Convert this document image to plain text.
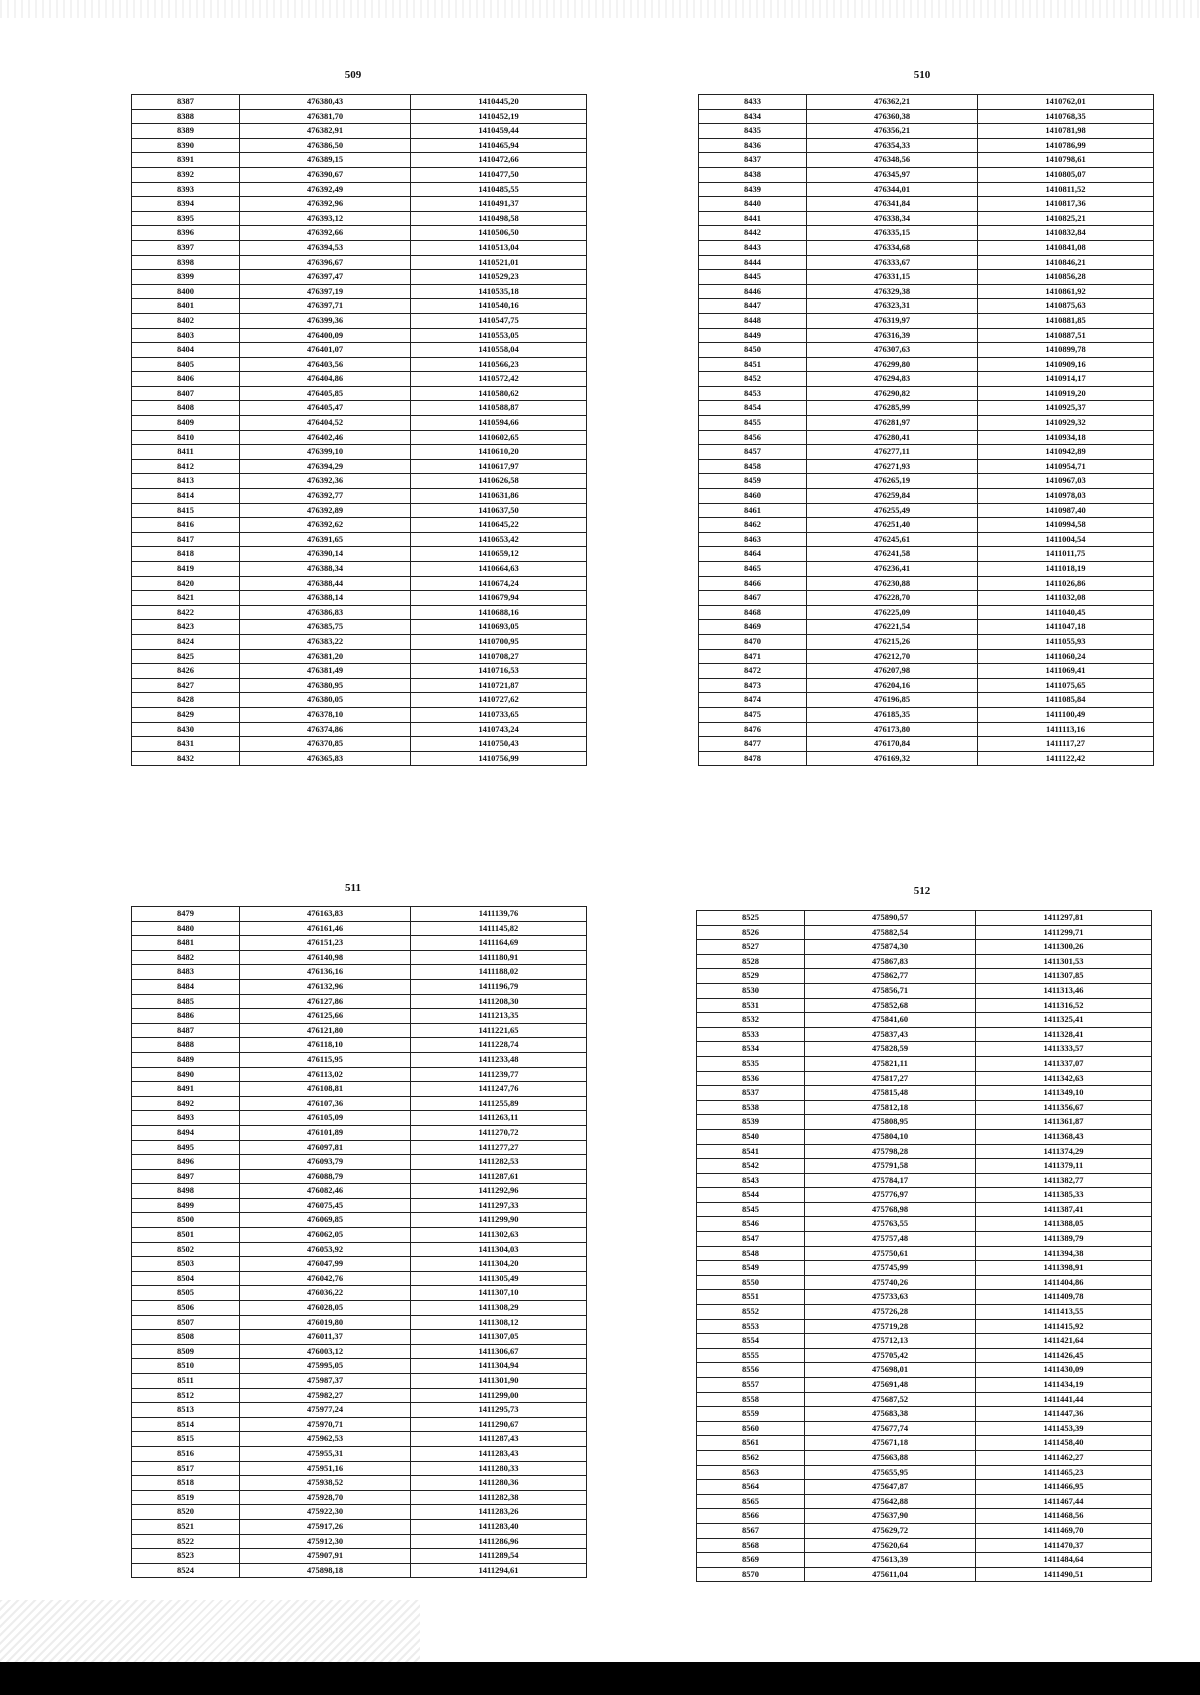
509
8387	476380,43	1410445,20
8388	476381,70	1410452,19
8389	476382,91	1410459,44
8390	476386,50	1410465,94
8391	476389,15	1410472,66
8392	476390,67	1410477,50
8393	476392,49	1410485,55
8394	476392,96	1410491,37
8395	476393,12	1410498,58
8396	476392,66	1410506,50
8397	476394,53	1410513,04
8398	476396,67	1410521,01
8399	476397,47	1410529,23
8400	476397,19	1410535,18
8401	476397,71	1410540,16
8402	476399,36	1410547,75
8403	476400,09	1410553,05
8404	476401,07	1410558,04
8405	476403,56	1410566,23
8406	476404,86	1410572,42
8407	476405,85	1410580,62
8408	476405,47	1410588,87
8409	476404,52	1410594,66
8410	476402,46	1410602,65
8411	476399,10	1410610,20
8412	476394,29	1410617,97
8413	476392,36	1410626,58
8414	476392,77	1410631,86
8415	476392,89	1410637,50
8416	476392,62	1410645,22
8417	476391,65	1410653,42
8418	476390,14	1410659,12
8419	476388,34	1410664,63
8420	476388,44	1410674,24
8421	476388,14	1410679,94
8422	476386,83	1410688,16
8423	476385,75	1410693,05
8424	476383,22	1410700,95
8425	476381,20	1410708,27
8426	476381,49	1410716,53
8427	476380,95	1410721,87
8428	476380,05	1410727,62
8429	476378,10	1410733,65
8430	476374,86	1410743,24
8431	476370,85	1410750,43
8432	476365,83	1410756,99
510
8433	476362,21	1410762,01
8434	476360,38	1410768,35
8435	476356,21	1410781,98
8436	476354,33	1410786,99
8437	476348,56	1410798,61
8438	476345,97	1410805,07
8439	476344,01	1410811,52
8440	476341,84	1410817,36
8441	476338,34	1410825,21
8442	476335,15	1410832,84
8443	476334,68	1410841,08
8444	476333,67	1410846,21
8445	476331,15	1410856,28
8446	476329,38	1410861,92
8447	476323,31	1410875,63
8448	476319,97	1410881,85
8449	476316,39	1410887,51
8450	476307,63	1410899,78
8451	476299,80	1410909,16
8452	476294,83	1410914,17
8453	476290,82	1410919,20
8454	476285,99	1410925,37
8455	476281,97	1410929,32
8456	476280,41	1410934,18
8457	476277,11	1410942,89
8458	476271,93	1410954,71
8459	476265,19	1410967,03
8460	476259,84	1410978,03
8461	476255,49	1410987,40
8462	476251,40	1410994,58
8463	476245,61	1411004,54
8464	476241,58	1411011,75
8465	476236,41	1411018,19
8466	476230,88	1411026,86
8467	476228,70	1411032,08
8468	476225,09	1411040,45
8469	476221,54	1411047,18
8470	476215,26	1411055,93
8471	476212,70	1411060,24
8472	476207,98	1411069,41
8473	476204,16	1411075,65
8474	476196,85	1411085,84
8475	476185,35	1411100,49
8476	476173,80	1411113,16
8477	476170,84	1411117,27
8478	476169,32	1411122,42
511
8479	476163,83	1411139,76
8480	476161,46	1411145,82
8481	476151,23	1411164,69
8482	476140,98	1411180,91
8483	476136,16	1411188,02
8484	476132,96	1411196,79
8485	476127,86	1411208,30
8486	476125,66	1411213,35
8487	476121,80	1411221,65
8488	476118,10	1411228,74
8489	476115,95	1411233,48
8490	476113,02	1411239,77
8491	476108,81	1411247,76
8492	476107,36	1411255,89
8493	476105,09	1411263,11
8494	476101,89	1411270,72
8495	476097,81	1411277,27
8496	476093,79	1411282,53
8497	476088,79	1411287,61
8498	476082,46	1411292,96
8499	476075,45	1411297,33
8500	476069,85	1411299,90
8501	476062,05	1411302,63
8502	476053,92	1411304,03
8503	476047,99	1411304,20
8504	476042,76	1411305,49
8505	476036,22	1411307,10
8506	476028,05	1411308,29
8507	476019,80	1411308,12
8508	476011,37	1411307,05
8509	476003,12	1411306,67
8510	475995,05	1411304,94
8511	475987,37	1411301,90
8512	475982,27	1411299,00
8513	475977,24	1411295,73
8514	475970,71	1411290,67
8515	475962,53	1411287,43
8516	475955,31	1411283,43
8517	475951,16	1411280,33
8518	475938,52	1411280,36
8519	475928,70	1411282,38
8520	475922,30	1411283,26
8521	475917,26	1411283,40
8522	475912,30	1411286,96
8523	475907,91	1411289,54
8524	475898,18	1411294,61
512
8525	475890,57	1411297,81
8526	475882,54	1411299,71
8527	475874,30	1411300,26
8528	475867,83	1411301,53
8529	475862,77	1411307,85
8530	475856,71	1411313,46
8531	475852,68	1411316,52
8532	475841,60	1411325,41
8533	475837,43	1411328,41
8534	475828,59	1411333,57
8535	475821,11	1411337,07
8536	475817,27	1411342,63
8537	475815,48	1411349,10
8538	475812,18	1411356,67
8539	475808,95	1411361,87
8540	475804,10	1411368,43
8541	475798,28	1411374,29
8542	475791,58	1411379,11
8543	475784,17	1411382,77
8544	475776,97	1411385,33
8545	475768,98	1411387,41
8546	475763,55	1411388,05
8547	475757,48	1411389,79
8548	475750,61	1411394,38
8549	475745,99	1411398,91
8550	475740,26	1411404,86
8551	475733,63	1411409,78
8552	475726,28	1411413,55
8553	475719,28	1411415,92
8554	475712,13	1411421,64
8555	475705,42	1411426,45
8556	475698,01	1411430,09
8557	475691,48	1411434,19
8558	475687,52	1411441,44
8559	475683,38	1411447,36
8560	475677,74	1411453,39
8561	475671,18	1411458,40
8562	475663,88	1411462,27
8563	475655,95	1411465,23
8564	475647,87	1411466,95
8565	475642,88	1411467,44
8566	475637,90	1411468,56
8567	475629,72	1411469,70
8568	475620,64	1411470,37
8569	475613,39	1411484,64
8570	475611,04	1411490,51
